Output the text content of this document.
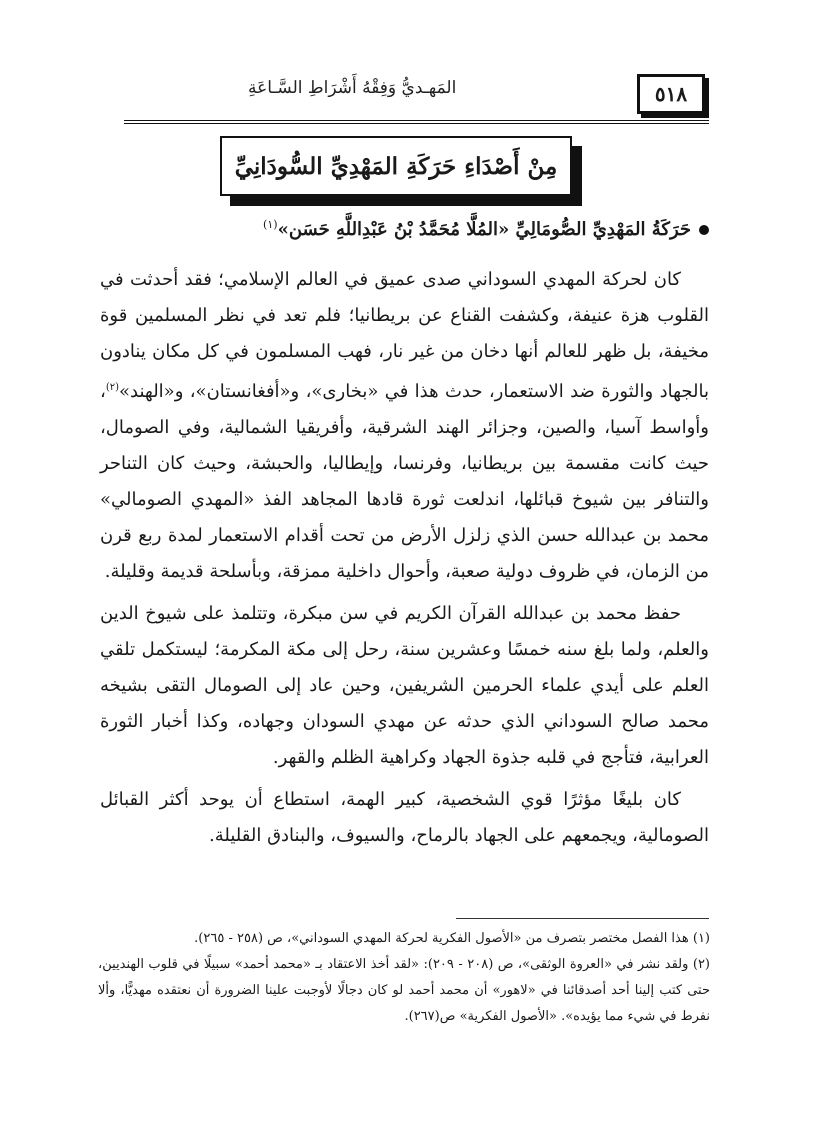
المَهـديُّ وَفِقْهُ أَشْرَاطِ السَّـاعَةِ	٥١٨
مِنْ أَصْدَاءِ حَرَكَةِ المَهْدِيِّ السُّودَانِيِّ
حَرَكَةُ المَهْدِيِّ الصُّومَالِيِّ «المُلَّا مُحَمَّدُ بْنُ عَبْدِاللَّهِ حَسَن»$^{(١)}$

كان لحركة المهدي السوداني صدى عميق في العالم الإسلامي؛ فقد أحدثت في القلوب هزة عنيفة، وكشفت القناع عن بريطانيا؛ فلم تعد في نظر المسلمين قوة مخيفة، بل ظهر للعالم أنها دخان من غير نار، فهب المسلمون في كل مكان ينادون بالجهاد والثورة ضد الاستعمار، حدث هذا في «بخارى»، و«أفغانستان»، و«الهند»$^{(٢)}$، وأواسط آسيا، والصين، وجزائر الهند الشرقية، وأفريقيا الشمالية، وفي الصومال، حيث كانت مقسمة بين بريطانيا، وفرنسا، وإيطاليا، والحبشة، وحيث كان التناحر والتنافر بين شيوخ قبائلها، اندلعت ثورة قادها المجاهد الفذ «المهدي الصومالي» محمد بن عبدالله حسن الذي زلزل الأرض من تحت أقدام الاستعمار لمدة ربع قرن من الزمان، في ظروف دولية صعبة، وأحوال داخلية ممزقة، وبأسلحة قديمة وقليلة.

حفظ محمد بن عبدالله القرآن الكريم في سن مبكرة، وتتلمذ على شيوخ الدين والعلم، ولما بلغ سنه خمسًا وعشرين سنة، رحل إلى مكة المكرمة؛ ليستكمل تلقي العلم على أيدي علماء الحرمين الشريفين، وحين عاد إلى الصومال التقى بشيخه محمد صالح السوداني الذي حدثه عن مهدي السودان وجهاده، وكذا أخبار الثورة العرابية، فتأجج في قلبه جذوة الجهاد وكراهية الظلم والقهر.

كان بليغًا مؤثرًا قوي الشخصية، كبير الهمة، استطاع أن يوحد أكثر القبائل الصومالية، ويجمعهم على الجهاد بالرماح، والسيوف، والبنادق القليلة.

(١) هذا الفصل مختصر بتصرف من «الأصول الفكرية لحركة المهدي السوداني»، ص (٢٥٨ - ٢٦٥).

(٢) ولقد نشر في «العروة الوثقى»، ص (٢٠٨ - ٢٠٩): «لقد أخذ الاعتقاد بـ «محمد أحمد» سبيلًا في قلوب الهنديين، حتى كتب إلينا أحد أصدقائنا في «لاهور» أن محمد أحمد لو كان دجالًا لأوجبت علينا الضرورة أن نعتقده مهديًّا، وألا نفرط في شيء مما يؤيده». «الأصول الفكرية» ص(٢٦٧).
